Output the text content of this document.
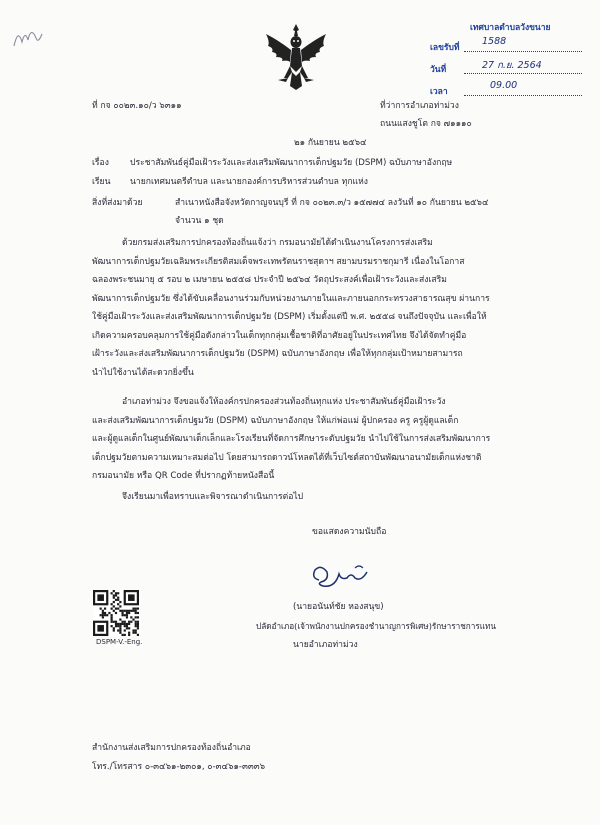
เทศบาลตำบลวังขนาย
เลขรับที่
1588
วันที่	27 ก.ย. 2564
เวลา
09.00
ที่ กจ ๐๐๒๓.๑๐/ว ๖๓๑๑	ที่ว่าการอำเภอท่าม่วง
ถนนแสงชูโต กจ ๗๑๑๑๐
๒๑ กันยายน ๒๕๖๔
เรื่อง ประชาสัมพันธ์คู่มือเฝ้าระวังและส่งเสริมพัฒนาการเด็กปฐมวัย (DSPM) ฉบับภาษาอังกฤษ
เรียน นายกเทศมนตรีตำบล และนายกองค์การบริหารส่วนตำบล ทุกแห่ง
สิ่งที่ส่งมาด้วย	สำเนาหนังสือจังหวัดกาญจนบุรี ที่ กจ ๐๐๒๓.๓/ว ๑๕๗๗๔ ลงวันที่ ๑๐ กันยายน ๒๕๖๔
จำนวน ๑ ชุด

ด้วยกรมส่งเสริมการปกครองท้องถิ่นแจ้งว่า กรมอนามัยได้ดำเนินงานโครงการส่งเสริม

พัฒนาการเด็กปฐมวัยเฉลิมพระเกียรติสมเด็จพระเทพรัตนราชสุดาฯ สยามบรมราชกุมารี เนื่องในโอกาส

ฉลองพระชนมายุ ๕ รอบ ๒ เมษายน ๒๕๕๘ ประจำปี ๒๕๖๔ วัตถุประสงค์เพื่อเฝ้าระวังและส่งเสริม

พัฒนาการเด็กปฐมวัย ซึ่งได้ขับเคลื่อนงานร่วมกับหน่วยงานภายในและภายนอกกระทรวงสาธารณสุข ผ่านการ

ใช้คู่มือเฝ้าระวังและส่งเสริมพัฒนาการเด็กปฐมวัย (DSPM) เริ่มตั้งแต่ปี พ.ศ. ๒๕๕๘ จนถึงปัจจุบัน และเพื่อให้

เกิดความครอบคลุมการใช้คู่มือดังกล่าวในเด็กทุกกลุ่มเชื้อชาติที่อาศัยอยู่ในประเทศไทย จึงได้จัดทำคู่มือ

เฝ้าระวังและส่งเสริมพัฒนาการเด็กปฐมวัย (DSPM) ฉบับภาษาอังกฤษ เพื่อให้ทุกกลุ่มเป้าหมายสามารถ

นำไปใช้งานได้สะดวกยิ่งขึ้น

อำเภอท่าม่วง จึงขอแจ้งให้องค์กรปกครองส่วนท้องถิ่นทุกแห่ง ประชาสัมพันธ์คู่มือเฝ้าระวัง

และส่งเสริมพัฒนาการเด็กปฐมวัย (DSPM) ฉบับภาษาอังกฤษ ให้แก่พ่อแม่ ผู้ปกครอง ครู ครูผู้ดูแลเด็ก

และผู้ดูแลเด็กในศูนย์พัฒนาเด็กเล็กและโรงเรียนที่จัดการศึกษาระดับปฐมวัย นำไปใช้ในการส่งเสริมพัฒนาการ

เด็กปฐมวัยตามความเหมาะสมต่อไป โดยสามารถดาวน์โหลดได้ที่เว็บไซต์สถาบันพัฒนาอนามัยเด็กแห่งชาติ

กรมอนามัย หรือ QR Code ที่ปรากฏท้ายหนังสือนี้

จึงเรียนมาเพื่อทราบและพิจารณาดำเนินการต่อไป
ขอแสดงความนับถือ
(นายอนันท์ชัย หองสนุข)
ปลัดอำเภอ(เจ้าพนักงานปกครองชำนาญการพิเศษ)รักษาราชการแทน
นายอำเภอท่าม่วง
DSPM-V.-Eng.
สำนักงานส่งเสริมการปกครองท้องถิ่นอำเภอ
โทร./โทรสาร ๐-๓๔๖๑-๒๓๐๑, ๐-๓๔๖๑-๓๓๓๖
